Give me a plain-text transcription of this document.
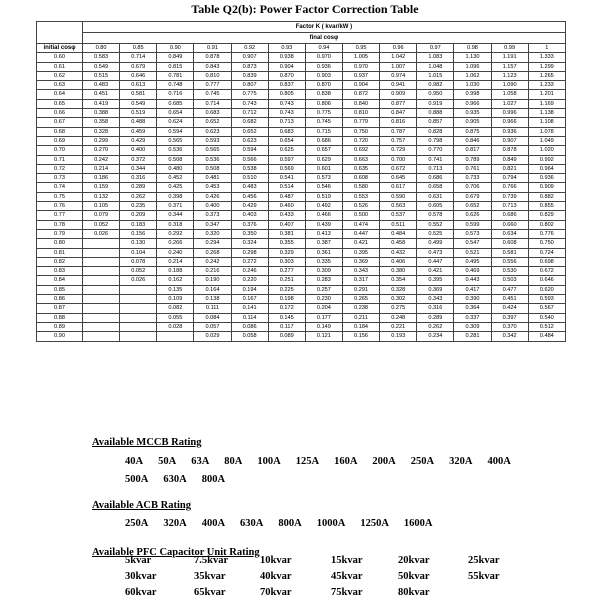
Table Q2(b): Power Factor Correction Table
	Factor K ( kvar/kW )												
	final cosφ												
initial cosφ	0.80	0.85	0.90	0.91	0.92	0.93	0.94	0.95	0.96	0.97	0.98	0.99	1
0.60	0.583	0.714	0.849	0.878	0.907	0.938	0.970	1.005	1.042	1.083	1.130	1.191	1.333
0.61	0.549	0.679	0.815	0.843	0.873	0.904	0.936	0.970	1.007	1.048	1.096	1.157	1.299
0.62	0.515	0.646	0.781	0.810	0.839	0.870	0.903	0.937	0.974	1.015	1.062	1.123	1.265
0.63	0.483	0.613	0.748	0.777	0.807	0.837	0.870	0.904	0.941	0.982	1.030	1.090	1.233
0.64	0.451	0.581	0.716	0.745	0.775	0.805	0.838	0.872	0.909	0.950	0.998	1.058	1.201
0.65	0.419	0.549	0.685	0.714	0.743	0.743	0.806	0.840	0.877	0.919	0.966	1.027	1.169
0.66	0.388	0.519	0.654	0.683	0.712	0.743	0.775	0.810	0.847	0.888	0.935	0.996	1.138
0.67	0.358	0.488	0.624	0.652	0.682	0.713	0.745	0.779	0.816	0.857	0.905	0.966	1.108
0.68	0.328	0.459	0.594	0.623	0.652	0.683	0.715	0.750	0.787	0.828	0.875	0.936	1.078
0.69	0.299	0.429	0.565	0.593	0.623	0.654	0.686	0.720	0.757	0.798	0.846	0.907	1.049
0.70	0.270	0.400	0.536	0.565	0.594	0.625	0.657	0.692	0.729	0.770	0.817	0.878	1.020
0.71	0.242	0.372	0.508	0.536	0.566	0.597	0.629	0.663	0.700	0.741	0.789	0.849	0.992
0.72	0.214	0.344	0.480	0.508	0.538	0.569	0.601	0.635	0.672	0.713	0.761	0.821	0.964
0.73	0.186	0.316	0.452	0.481	0.510	0.541	0.573	0.608	0.645	0.686	0.733	0.794	0.936
0.74	0.159	0.289	0.425	0.453	0.483	0.514	0.546	0.580	0.617	0.658	0.706	0.766	0.909
0.75	0.132	0.262	0.398	0.426	0.456	0.487	0.519	0.553	0.590	0.631	0.679	0.739	0.882
0.76	0.105	0.235	0.371	0.400	0.429	0.460	0.492	0.526	0.563	0.605	0.652	0.713	0.855
0.77	0.079	0.209	0.344	0.373	0.403	0.433	0.466	0.500	0.537	0.578	0.626	0.686	0.829
0.78	0.052	0.183	0.318	0.347	0.376	0.407	0.439	0.474	0.511	0.552	0.599	0.660	0.802
0.79	0.026	0.156	0.292	0.320	0.350	0.381	0.413	0.447	0.484	0.525	0.573	0.634	0.776
0.80		0.130	0.266	0.294	0.324	0.355	0.387	0.421	0.458	0.499	0.547	0.608	0.750
0.81		0.104	0.240	0.268	0.298	0.329	0.361	0.395	0.432	0.473	0.521	0.581	0.724
0.82		0.078	0.214	0.242	0.272	0.303	0.335	0.369	0.406	0.447	0.495	0.556	0.698
0.83		0.052	0.188	0.216	0.246	0.277	0.309	0.343	0.380	0.421	0.469	0.530	0.672
0.84		0.026	0.162	0.190	0.220	0.251	0.283	0.317	0.354	0.395	0.443	0.503	0.646
0.85			0.135	0.164	0.194	0.225	0.257	0.291	0.328	0.369	0.417	0.477	0.620
0.86			0.109	0.138	0.167	0.198	0.230	0.265	0.302	0.343	0.390	0.451	0.593
0.87			0.082	0.111	0.141	0.172	0.204	0.238	0.275	0.316	0.364	0.424	0.567
0.88			0.055	0.084	0.114	0.145	0.177	0.211	0.248	0.289	0.337	0.397	0.540
0.89			0.028	0.057	0.086	0.117	0.149	0.184	0.221	0.262	0.309	0.370	0.512
0.90				0.029	0.058	0.089	0.121	0.156	0.193	0.234	0.281	0.342	0.484
Available MCCB Rating
40A 50A 63A 80A 100A 125A 160A 200A 250A 320A 400A
500A 630A 800A
Available ACB Rating
250A 320A 400A 630A 800A 1000A 1250A 1600A
Available PFC Capacitor Unit Rating
5kvar	7.5kvar	10kvar	15kvar	20kvar	25kvar
30kvar	35kvar	40kvar	45kvar	50kvar	55kvar
60kvar	65kvar	70kvar	75kvar	80kvar
